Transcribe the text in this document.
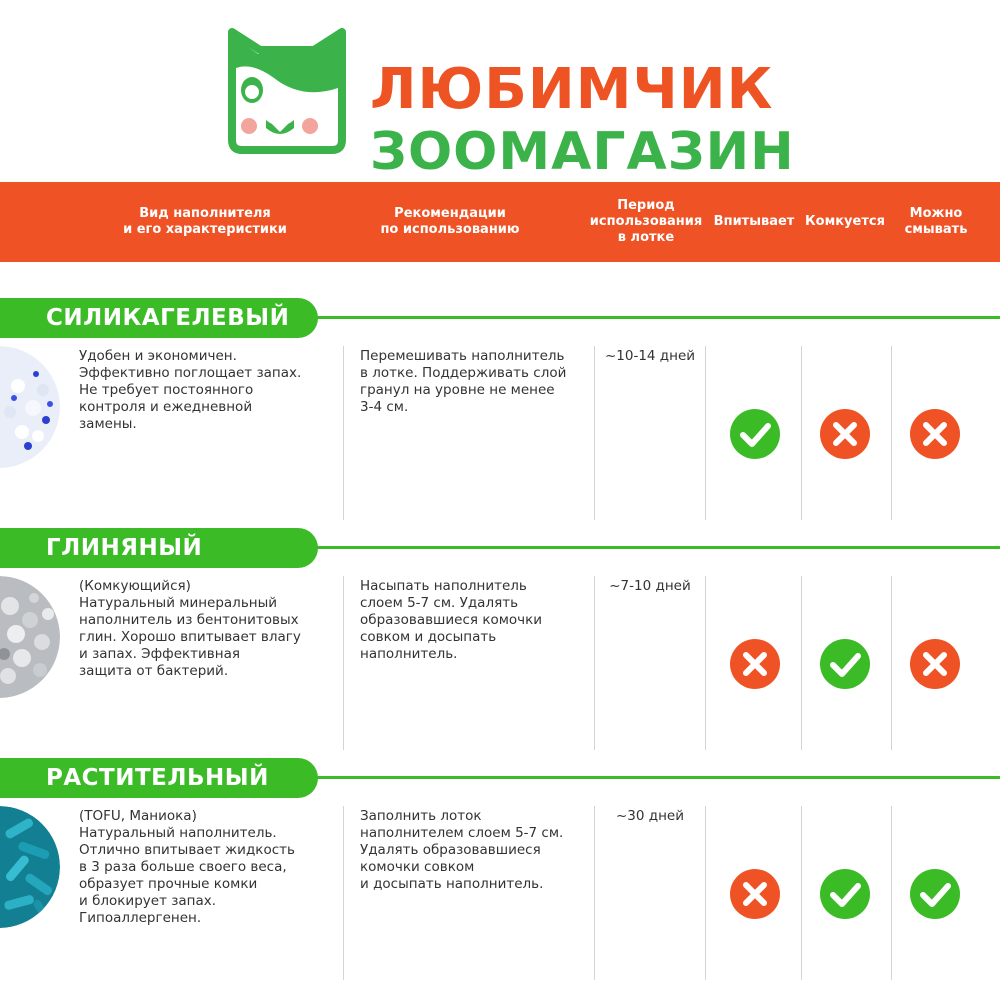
ЛЮБИМЧИК
ЗООМАГАЗИН
Вид наполнителя
и его характеристики
Рекомендации
по использованию
Период
использования
в лотке
Впитывает Комкуется
Можно
смывать
СИЛИКАГЕЛЕВЫЙ
Удобен и экономичен.
Эффективно поглощает запах.
Не требует постоянного
контроля и ежедневной
замены.
Перемешивать наполнитель
в лотке. Поддерживать слой
гранул на уровне не менее
3-4 см.
~10-14 дней
ГЛИНЯНЫЙ
(Комкующийся)
Натуральный минеральный
наполнитель из бентонитовых
глин. Хорошо впитывает влагу
и запах. Эффективная
защита от бактерий.
Насыпать наполнитель
слоем 5-7 см. Удалять
образовавшиеся комочки
совком и досыпать
наполнитель.
~7-10 дней
РАСТИТЕЛЬНЫЙ
(TOFU, Маниока)
Натуральный наполнитель.
Отлично впитывает жидкость
в 3 раза больше своего веса,
образует прочные комки
и блокирует запах.
Гипоаллергенен.
Заполнить лоток
наполнителем слоем 5-7 см.
Удалять образовавшиеся
комочки совком
и досыпать наполнитель.
~30 дней
